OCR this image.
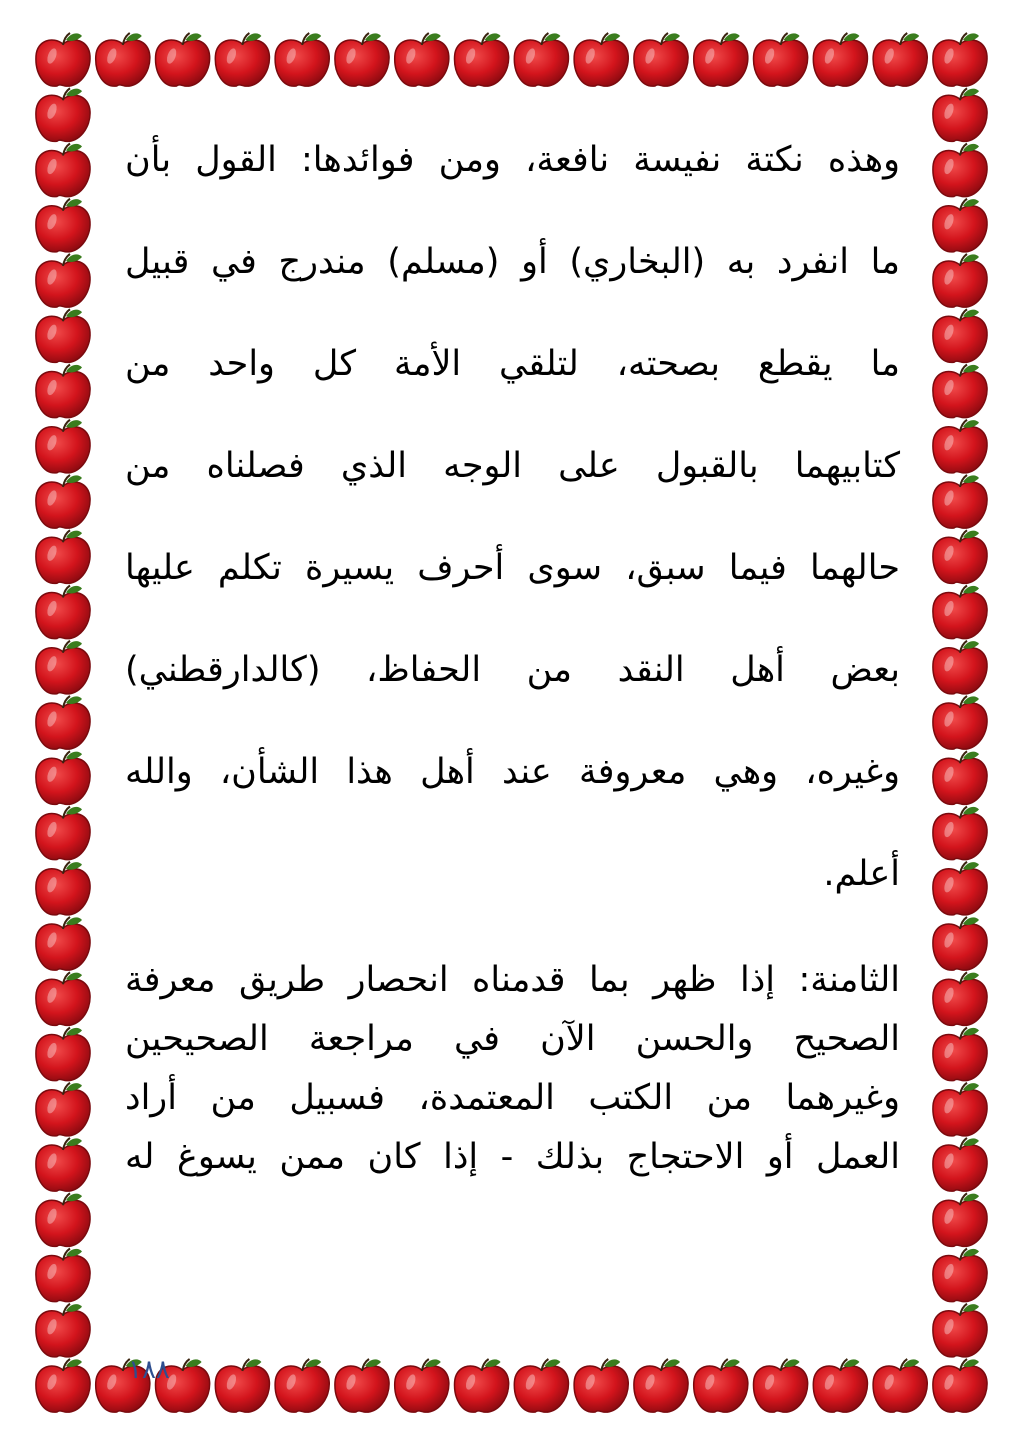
وهذه نكتة نفيسة نافعة، ومن فوائدها: القول بأن
ما انفرد به (البخاري) أو (مسلم) مندرج في قبيل
ما يقطع بصحته، لتلقي الأمة كل واحد من
كتابيهما بالقبول على الوجه الذي فصلناه من
حالهما فيما سبق، سوى أحرف يسيرة تكلم عليها
بعض أهل النقد من الحفاظ، (كالدارقطني)
وغيره، وهي معروفة عند أهل هذا الشأن، والله
أعلم.
الثامنة: إذا ظهر بما قدمناه انحصار طريق معرفة
الصحيح والحسن الآن في مراجعة الصحيحين
وغيرهما من الكتب المعتمدة، فسبيل من أراد
العمل أو الاحتجاج بذلك - إذا كان ممن يسوغ له
١٨٨
